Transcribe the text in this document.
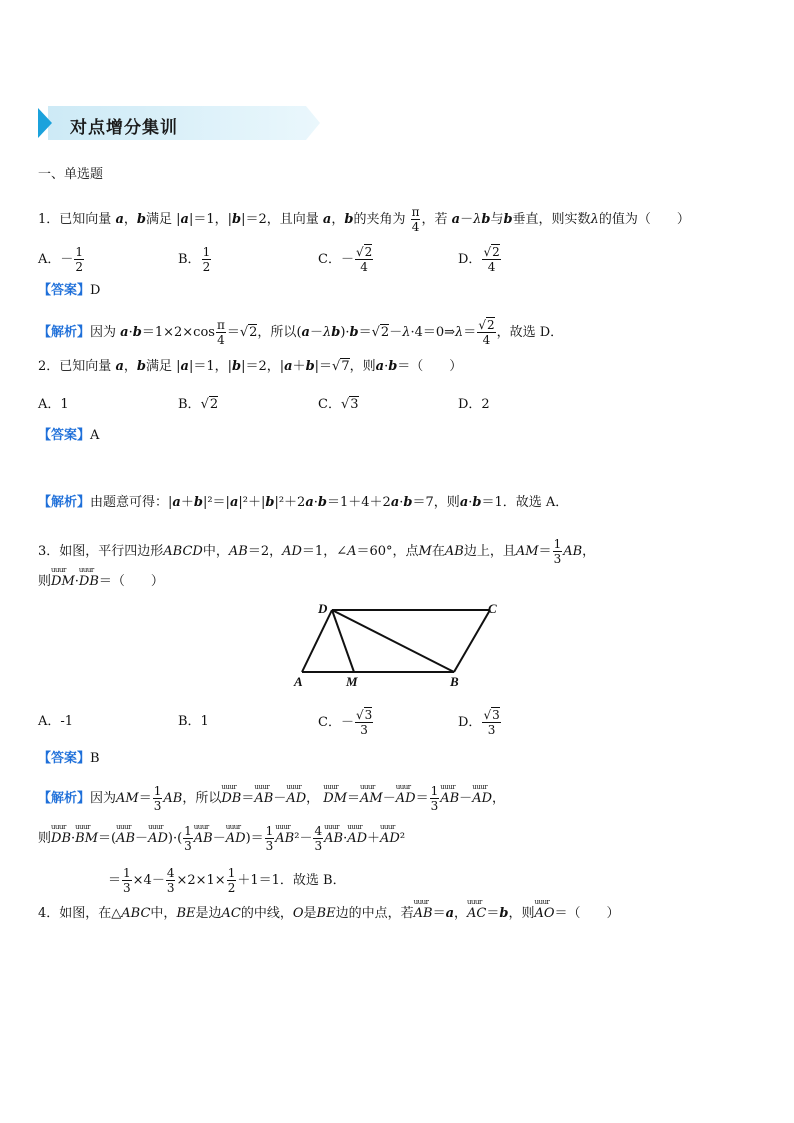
对点增分集训
一、单选题
1．已知向量 a，b满足 |a|＝1，|b|＝2，且向量 a，b的夹角为 $\frac{\pi}{4}$ ，若 a－λb与b垂直，则实数λ的值为（　　）
A．－ $\frac{1}{2}$	B． $\frac{1}{2}$	C．－ $\frac{√2}{4}$	D． $\frac{√2}{4}$
【答案】D
【解析】因为 $a\cdot b=1\times 2\times\cos \frac{\pi}{4} =√2$，所以(a－λb)·b＝√2－λ·4＝0⇒λ＝ $\frac{√2}{4}$ ，故选 D．
2．已知向量 a，b满足 |a|＝1，|b|＝2，|a＋b|＝√7，则a·b＝（　　）
A．1	B．√2	C．√3	D．2
【答案】A
【解析】由题意可得：|a＋b|²＝|a|²＋|b|²＋2a·b＝1＋4＋2a·b＝7，则a·b＝1．故选 A．
3．如图，平行四边形ABCD中，AB＝2，AD＝1，∠A＝60°，点M在AB边上，且$AM= \frac{1}{3}$ AB，
则uuur DM·uuur DB＝（　　）
D	C
A	M	B
A．-1	B．1	C．－ $\frac{√3}{3}$	D． $\frac{√3}{3}$
【答案】B
【解析】因为$AM= \frac{1}{3}$ AB，所以uuur DB＝uuur AB－uuur AD， uuur DM＝uuur AM－uuur $AD= \frac{1}{3}$ uuur AB－uuur AD，
则uuur DB·uuur BM＝(uuur AB－uuur $AD)\cdot( \frac{1}{3}$ uuur AB－uuur $AD)= \frac{1}{3}$ uuur $AB^2- \frac{4}{3}$ uuur AB·uuur AD＋uuur AD²
＝ $\frac{1}{3} \times 4- \frac{4}{3} \times 2\times 1\times \frac{1}{2} +1=1$．故选 B．
4．如图，在△ABC中，BE是边AC的中线，O是BE边的中点，若uuur AB＝a，uuur AC＝b，则uuur AO＝（　　）
